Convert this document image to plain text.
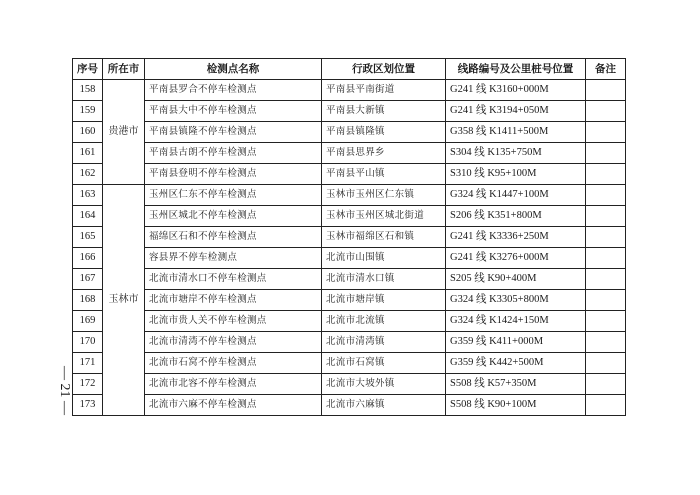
— 21 —
序号	所在市	检测点名称	行政区划位置	线路编号及公里桩号位置	备注
158	贵港市	平南县罗合不停车检测点	平南县平南街道	G241 线 K3160+000M	
159		平南县大中不停车检测点	平南县大新镇	G241 线 K3194+050M	
160		平南县镇隆不停车检测点	平南县镇隆镇	G358 线 K1411+500M	
161		平南县古朗不停车检测点	平南县思界乡	S304 线 K135+750M	
162		平南县登明不停车检测点	平南县平山镇	S310 线 K95+100M	
163	玉林市	玉州区仁东不停车检测点	玉林市玉州区仁东镇	G324 线 K1447+100M	
164		玉州区城北不停车检测点	玉林市玉州区城北街道	S206 线 K351+800M	
165		福绵区石和不停车检测点	玉林市福绵区石和镇	G241 线 K3336+250M	
166		容县界不停车检测点	北流市山围镇	G241 线 K3276+000M	
167		北流市清水口不停车检测点	北流市清水口镇	S205 线 K90+400M	
168		北流市塘岸不停车检测点	北流市塘岸镇	G324 线 K3305+800M	
169		北流市贵人关不停车检测点	北流市北流镇	G324 线 K1424+150M	
170		北流市清湾不停车检测点	北流市清湾镇	G359 线 K411+000M	
171		北流市石窝不停车检测点	北流市石窝镇	G359 线 K442+500M	
172		北流市北容不停车检测点	北流市大坡外镇	S508 线 K57+350M	
173		北流市六麻不停车检测点	北流市六麻镇	S508 线 K90+100M	
